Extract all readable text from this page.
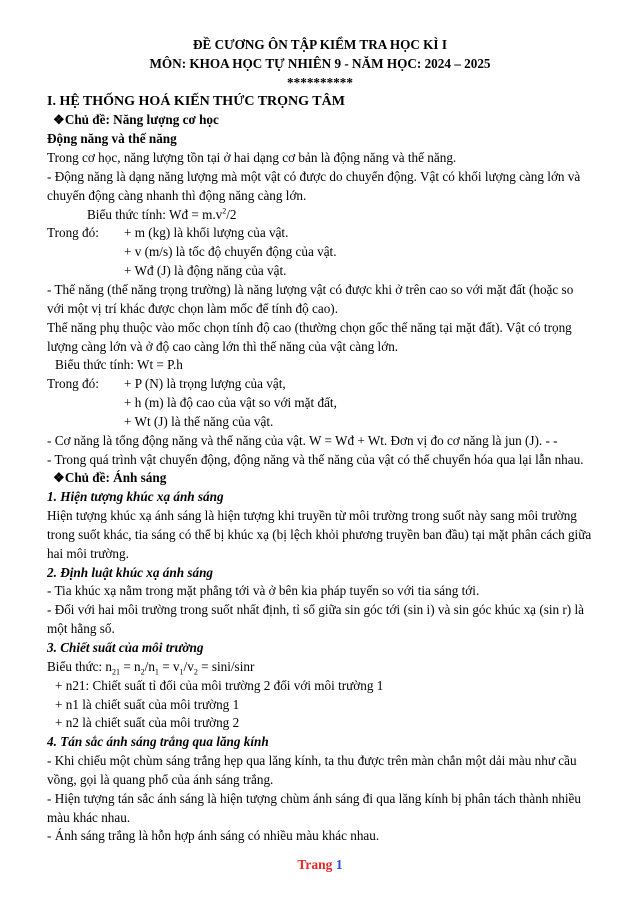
ĐỀ CƯƠNG ÔN TẬP KIỂM TRA HỌC KÌ I

MÔN: KHOA HỌC TỰ NHIÊN 9 - NĂM HỌC: 2024 – 2025

**********

I. HỆ THỐNG HOÁ KIẾN THỨC TRỌNG TÂM

❖Chủ đề: Năng lượng cơ học

Động năng và thế năng

Trong cơ học, năng lượng tồn tại ở hai dạng cơ bản là động năng và thế năng.

- Động năng là dạng năng lượng mà một vật có được do chuyển động. Vật có khối lượng càng lớn và chuyển động càng nhanh thì động năng càng lớn.

Biểu thức tính: Wđ = $m.v^2/2$

Trong đó:	+ m (kg) là khối lượng của vật.

+ v (m/s) là tốc độ chuyển động của vật.

+ Wđ (J) là động năng của vật.

- Thế năng (thế năng trọng trường) là năng lượng vật có được khi ở trên cao so với mặt đất (hoặc so với một vị trí khác được chọn làm mốc để tính độ cao).

Thế năng phụ thuộc vào mốc chọn tính độ cao (thường chọn gốc thế năng tại mặt đất). Vật có trọng lượng càng lớn và ở độ cao càng lớn thì thế năng của vật càng lớn.

Biểu thức tính: Wt = P.h

Trong đó:	+ P (N) là trọng lượng của vật,

+ h (m) là độ cao của vật so với mặt đất,

+ Wt (J) là thế năng của vật.

- Cơ năng là tổng động năng và thế năng của vật. W = Wđ + Wt. Đơn vị đo cơ năng là jun (J). - -

- Trong quá trình vật chuyển động, động năng và thế năng của vật có thể chuyển hóa qua lại lẫn nhau.

❖Chủ đề: Ánh sáng

1. Hiện tượng khúc xạ ánh sáng

Hiện tượng khúc xạ ánh sáng là hiện tượng khi truyền từ môi trường trong suốt này sang môi trường trong suốt khác, tia sáng có thể bị khúc xạ (bị lệch khỏi phương truyền ban đầu) tại mặt phân cách giữa hai môi trường.

2. Định luật khúc xạ ánh sáng

- Tia khúc xạ nằm trong mặt phẳng tới và ở bên kia pháp tuyến so với tia sáng tới.

- Đối với hai môi trường trong suốt nhất định, tỉ số giữa sin góc tới (sin i) và sin góc khúc xạ (sin r) là một hằng số.

3. Chiết suất của môi trường

Biểu thức: $n_{21} = n_2/n_1 = v_1/v_2 = \sin i/\sin r$

+ n21: Chiết suất tỉ đối của môi trường 2 đối với môi trường 1

+ n1 là chiết suất của môi trường 1

+ n2 là chiết suất của môi trường 2

4. Tán sắc ánh sáng trắng qua lăng kính

- Khi chiếu một chùm sáng trắng hẹp qua lăng kính, ta thu được trên màn chắn một dải màu như cầu vồng, gọi là quang phổ của ánh sáng trắng.

- Hiện tượng tán sắc ánh sáng là hiện tượng chùm ánh sáng đi qua lăng kính bị phân tách thành nhiều màu khác nhau.

- Ánh sáng trắng là hỗn hợp ánh sáng có nhiều màu khác nhau.

Trang 1
